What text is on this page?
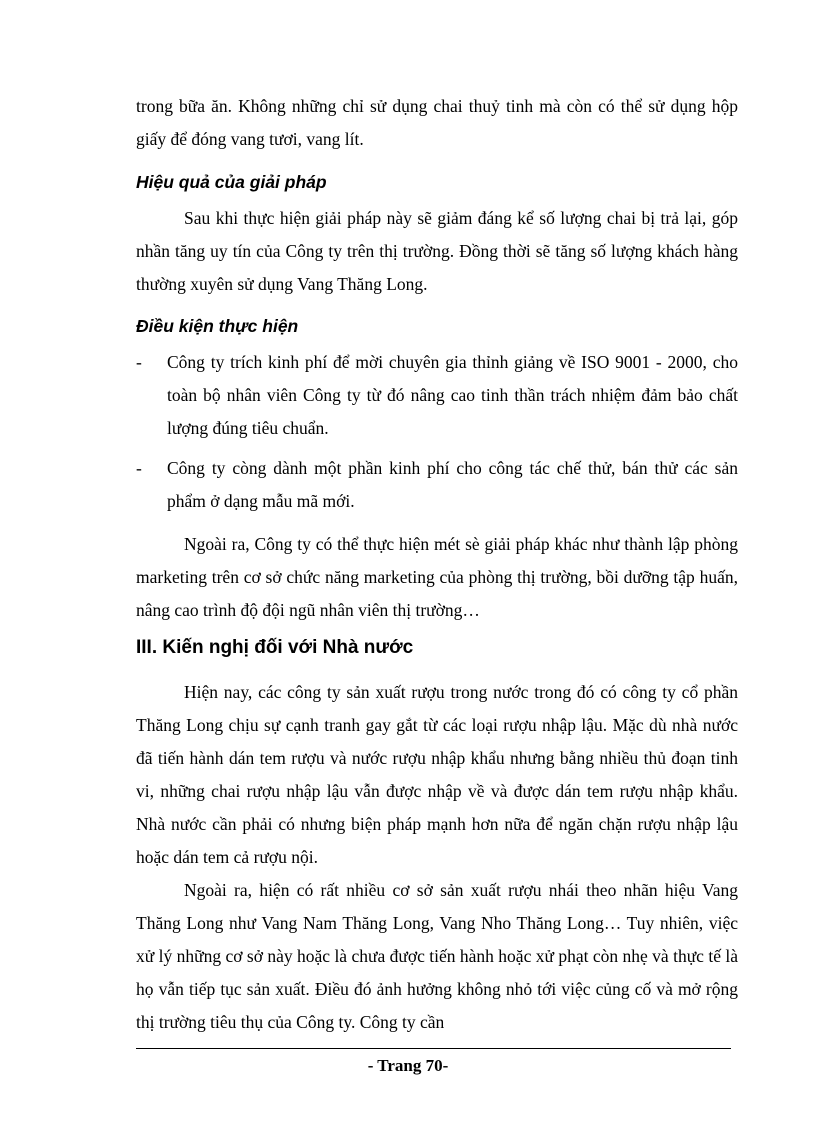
trong bữa ăn. Không những chỉ sử dụng chai thuỷ tinh mà còn có thể sử dụng hộp giấy để đóng vang tươi, vang lít.

Hiệu quả của giải pháp

Sau khi thực hiện giải pháp này sẽ giảm đáng kể số lượng chai bị trả lại, góp nhần tăng uy tín của Công ty trên thị trường. Đồng thời sẽ tăng số lượng khách hàng thường xuyên sử dụng Vang Thăng Long.

Điều kiện thực hiện
- Công ty trích kinh phí để mời chuyên gia thỉnh giảng về ISO 9001 - 2000, cho toàn bộ nhân viên Công ty từ đó nâng cao tinh thần trách nhiệm đảm bảo chất lượng đúng tiêu chuẩn.
- Công ty còng dành một phần kinh phí cho công tác chế thử, bán thử các sản phẩm ở dạng mẫu mã mới.

Ngoài ra, Công ty có thể thực hiện mét sè giải pháp khác như thành lập phòng marketing trên cơ sở chức năng marketing của phòng thị trường, bồi dưỡng tập huấn, nâng cao trình độ đội ngũ nhân viên thị trường…

III. Kiến nghị đối với Nhà nước

Hiện nay, các công ty sản xuất rượu trong nước trong đó có công ty cổ phần Thăng Long chịu sự cạnh tranh gay gắt từ các loại rượu nhập lậu. Mặc dù nhà nước đã tiến hành dán tem rượu và nước rượu nhập khẩu nhưng bằng nhiều thủ đoạn tinh vi, những chai rượu nhập lậu vẫn được nhập về và được dán tem rượu nhập khẩu. Nhà nước cần phải có nhưng biện pháp mạnh hơn nữa để ngăn chặn rượu nhập lậu hoặc dán tem cả rượu nội.

Ngoài ra, hiện có rất nhiều cơ sở sản xuất rượu nhái theo nhãn hiệu Vang Thăng Long như Vang Nam Thăng Long, Vang Nho Thăng Long… Tuy nhiên, việc xử lý những cơ sở này hoặc là chưa được tiến hành hoặc xử phạt còn nhẹ và thực tế là họ vẫn tiếp tục sản xuất. Điều đó ảnh hưởng không nhỏ tới việc củng cố và mở rộng thị trường tiêu thụ của Công ty. Công ty cần

- Trang 70-
